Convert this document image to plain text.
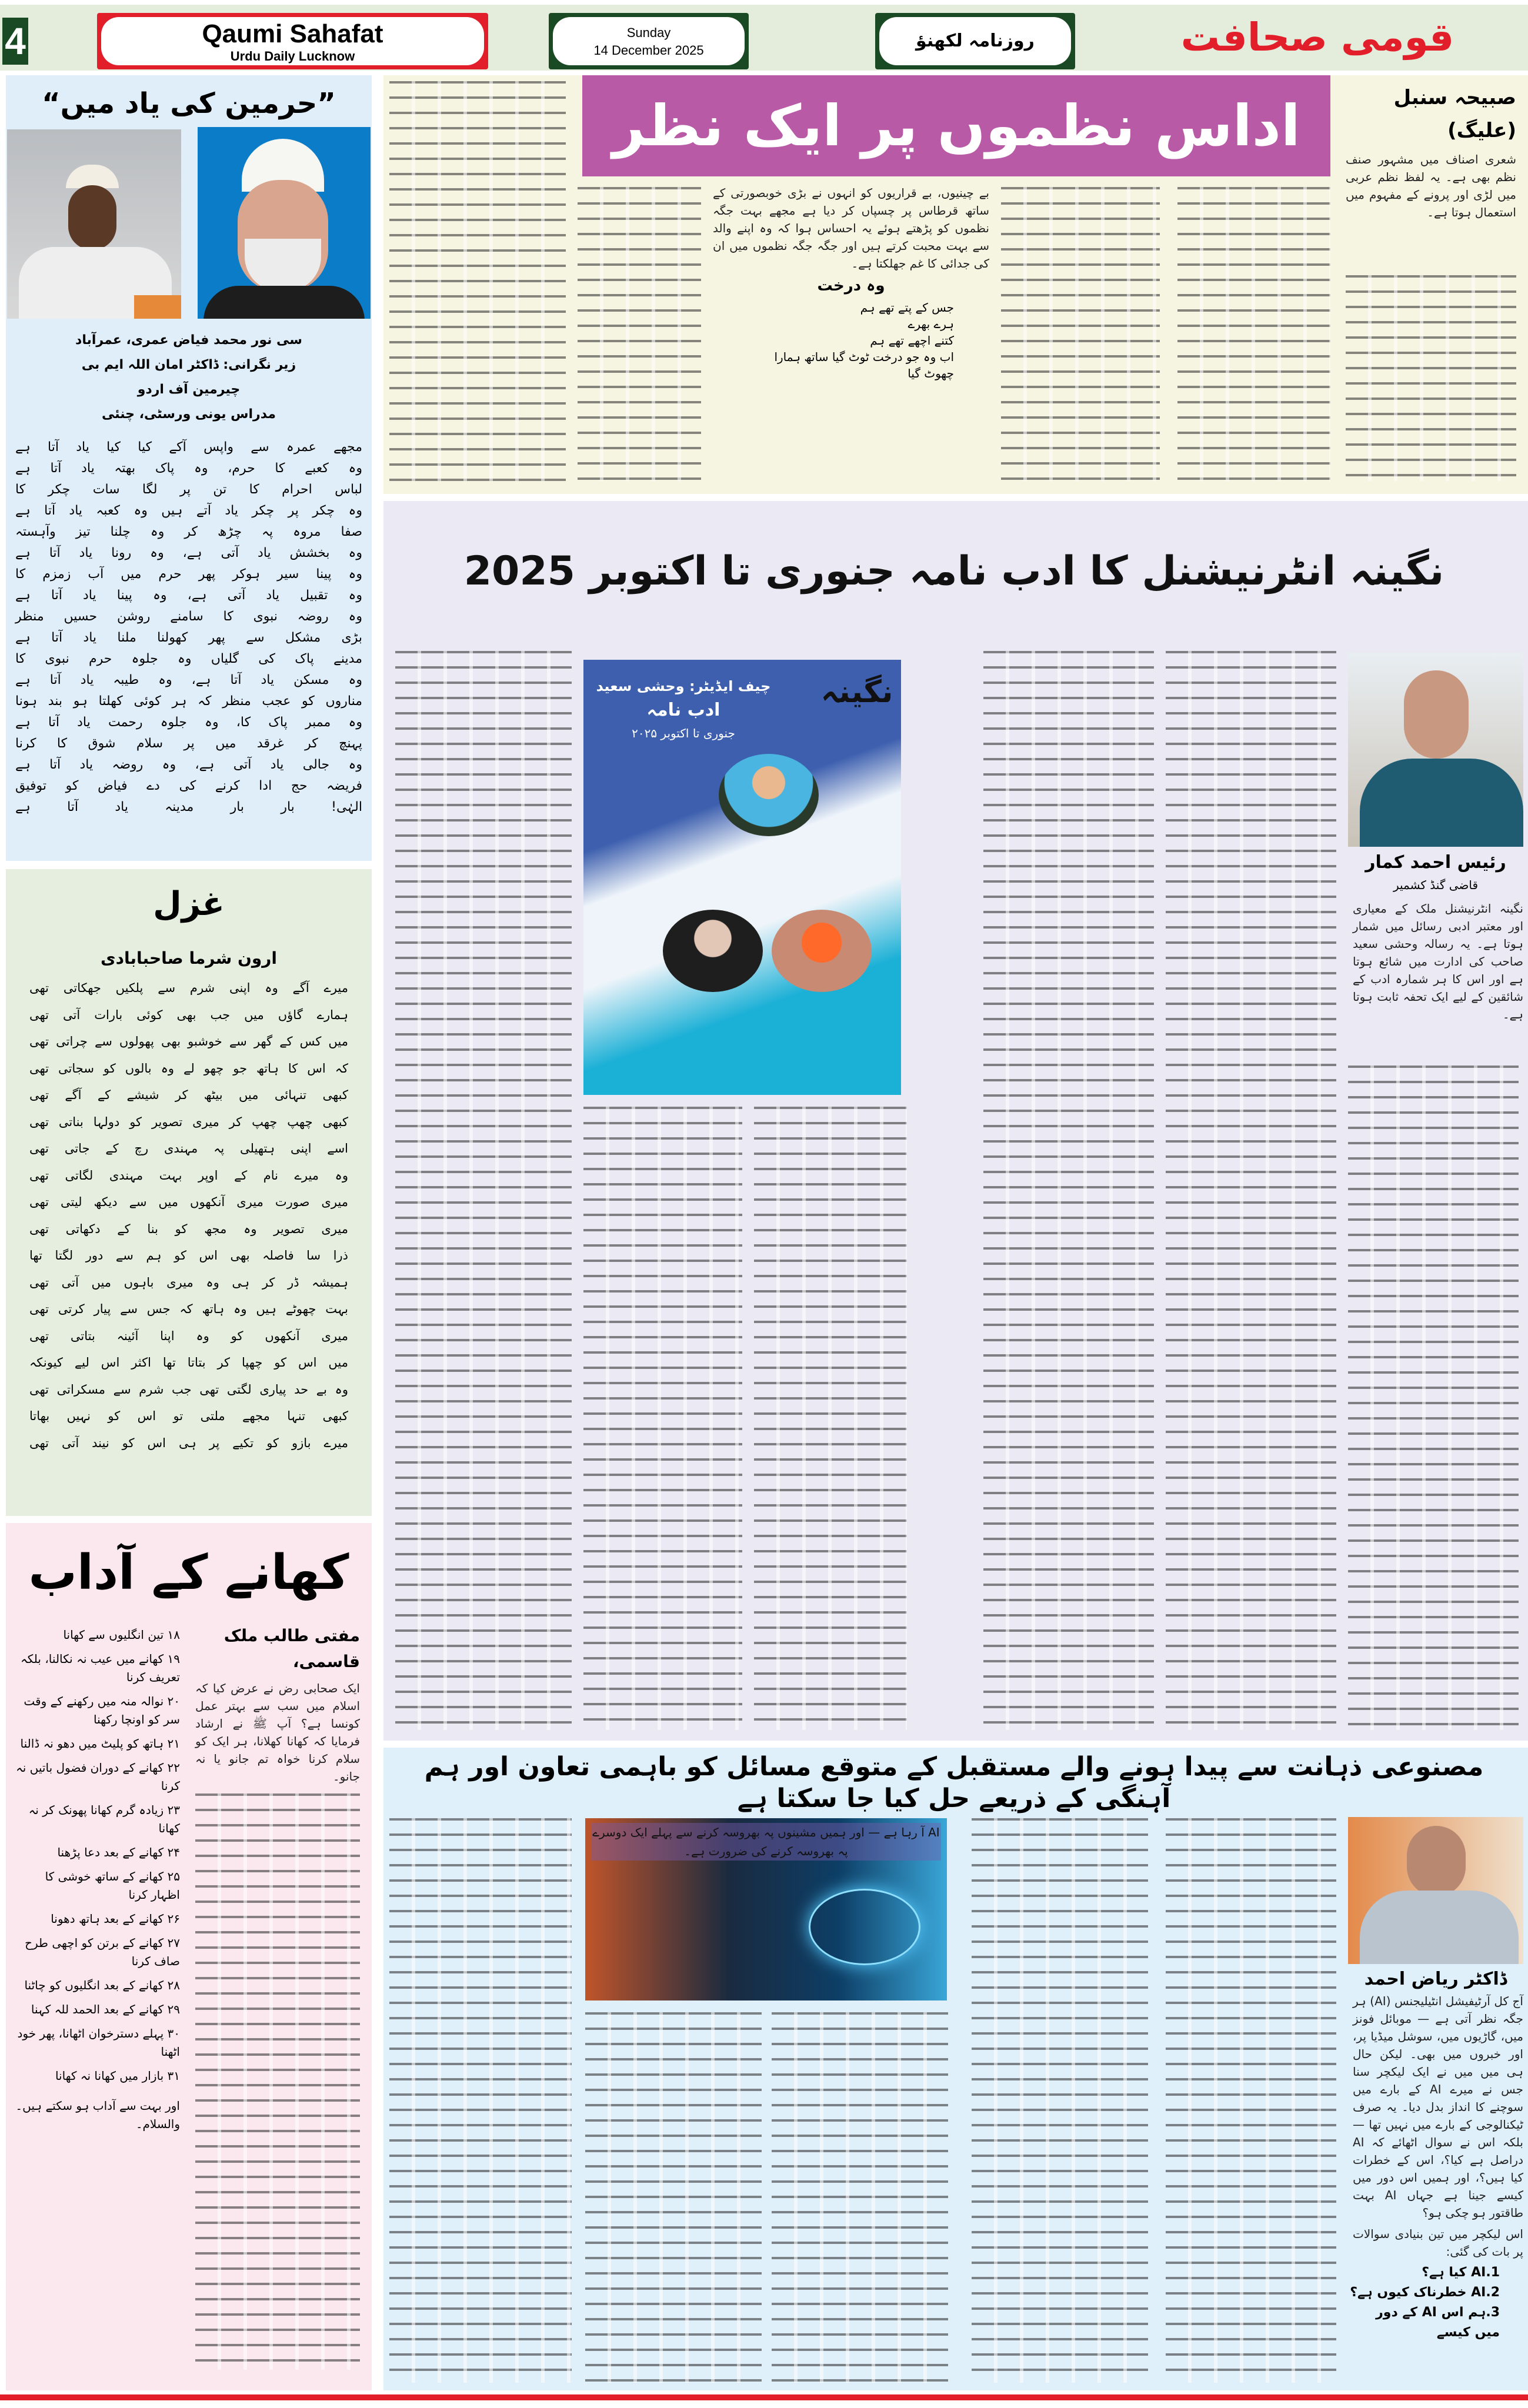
4	Qaumi Sahafat
Urdu Daily Lucknow
Sunday
14 December 2025	روزنامہ لکھنؤ	قومی صحافت
”حرمین کی یاد میں“
سی نور محمد فیاض عمری، عمرآباد
زیر نگرانی: ڈاکٹر امان اللہ ایم بی
چیرمین آف اردو
مدراس یونی ورسٹی، چنئی
مجھے عمرہ سے واپس آکے کیا کیا یاد آتا ہے
وہ کعبے کا حرم، وہ پاک بھتہ یاد آتا ہے
لباس احرام کا تن پر لگا سات چکر کا
وہ چکر پر چکر یاد آتے ہیں وہ کعبہ یاد آتا ہے
صفا مروہ پہ چڑھ کر وہ چلنا تیز وآہستہ
وہ بخشش یاد آتی ہے، وہ رونا یاد آتا ہے
وہ پینا سیر ہوکر پھر حرم میں آب زمزم کا
وہ تقبیل یاد آتی ہے، وہ پینا یاد آتا ہے
وہ روضہ نبوی کا سامنے روشن حسیں منظر
بڑی مشکل سے پھر کھولنا ملنا یاد آتا ہے
مدینے پاک کی گلیاں وہ جلوہ حرم نبوی کا
وہ مسکن یاد آتا ہے، وہ طیبہ یاد آتا ہے
مناروں کو عجب منظر کہ ہر کوئی کھلتا ہو بند ہونا
وہ ممبر پاک کا، وہ جلوہ رحمت یاد آتا ہے
پہنچ کر غرقد میں پر سلام شوق کا کرنا
وہ جالی یاد آتی ہے، وہ روضہ یاد آتا ہے
فریضہ حج ادا کرنے کی دے فیاض کو توفیق
الہٰی! بار بار مدینہ یاد آتا ہے
غزل
ارون شرما صاحبابادی
میرے آگے وہ اپنی شرم سے پلکیں جھکاتی تھی
ہمارے گاؤں میں جب بھی کوئی بارات آتی تھی
میں کس کے گھر سے خوشبو بھی پھولوں سے چراتی تھی
کہ اس کا ہاتھ جو چھو لے وہ بالوں کو سجاتی تھی
کبھی تنہائی میں بیٹھ کر شیشے کے آگے تھی
کبھی چھپ چھپ کر میری تصویر کو دولہا بناتی تھی
اسے اپنی ہتھیلی پہ مہندی رچ کے جاتی تھی
وہ میرے نام کے اوپر بہت مہندی لگاتی تھی
میری صورت میری آنکھوں میں سے دیکھ لیتی تھی
میری تصویر وہ مجھ کو بنا کے دکھاتی تھی
ذرا سا فاصلہ بھی اس کو ہم سے دور لگتا تھا
ہمیشہ ڈر کر ہی وہ میری باہوں میں آتی تھی
بہت چھوٹے ہیں وہ ہاتھ کہ جس سے پیار کرتی تھی
میری آنکھوں کو وہ اپنا آئینہ بتاتی تھی
میں اس کو چھپا کر بتاتا تھا اکثر اس لیے کیونکہ
وہ بے حد پیاری لگتی تھی جب شرم سے مسکراتی تھی
کبھی تنہا مجھے ملتی تو اس کو نہیں بھاتا
میرے بازو کو تکیے پر ہی اس کو نیند آتی تھی
کھانے کے آداب
مفتی طالب ملک قاسمی،
ایک صحابی رض نے عرض کیا کہ اسلام میں سب سے بہتر عمل کونسا ہے؟ آپ ﷺ نے ارشاد فرمایا کہ کھانا کھلانا، ہر ایک کو سلام کرنا خواہ تم جانو یا نہ جانو۔
۱۸ تین انگلیوں سے کھانا
۱۹ کھانے میں عیب نہ نکالنا، بلکہ تعریف کرنا
۲۰ نوالہ منہ میں رکھنے کے وقت سر کو اونچا رکھنا
۲۱ ہاتھ کو پلیٹ میں دھو نہ ڈالنا
۲۲ کھانے کے دوران فضول باتیں نہ کرنا
۲۳ زیادہ گرم کھانا پھونک کر نہ کھانا
۲۴ کھانے کے بعد دعا پڑھنا
۲۵ کھانے کے ساتھ خوشی کا اظہار کرنا
۲۶ کھانے کے بعد ہاتھ دھونا
۲۷ کھانے کے برتن کو اچھی طرح صاف کرنا
۲۸ کھانے کے بعد انگلیوں کو چاٹنا
۲۹ کھانے کے بعد الحمد للہ کہنا
۳۰ پہلے دسترخوان اٹھانا، پھر خود اٹھنا
۳۱ بازار میں کھانا نہ کھانا
اور بہت سے آداب ہو سکتے ہیں۔ والسلام۔
اداس نظموں پر ایک نظر	صبیحہ سنبل (علیگ)
شعری اصناف میں مشہور صنف نظم بھی ہے۔ یہ لفظ نظم عربی میں لڑی اور پرونے کے مفہوم میں استعمال ہوتا ہے۔
بے چینیوں، بے قراریوں کو انہوں نے بڑی خوبصورتی کے ساتھ قرطاس پر چسپاں کر دیا ہے مجھے بہت جگہ نظموں کو پڑھتے ہوئے یہ احساس ہوا کہ وہ اپنے والد سے بہت محبت کرتے ہیں اور جگہ جگہ نظموں میں ان کی جدائی کا غم جھلکتا ہے۔
وہ درخت
جس کے پتے تھے ہم
ہرے بھرے
کتنے اچھے تھے ہم
اب وہ جو درخت ٹوٹ گیا ساتھ ہمارا
چھوٹ گیا
نگینہ انٹرنیشنل کا ادب نامہ جنوری تا اکتوبر 2025
رئیس احمد کمار
قاضی گنڈ کشمیر
نگینہ انٹرنیشنل ملک کے معیاری اور معتبر ادبی رسائل میں شمار ہوتا ہے۔ یہ رسالہ وحشی سعید صاحب کی ادارت میں شائع ہوتا ہے اور اس کا ہر شمارہ ادب کے شائقین کے لیے ایک تحفہ ثابت ہوتا ہے۔
چیف ایڈیٹر: وحشی سعید
ادب نامہ
جنوری تا اکتوبر ۲۰۲۵
نگینہ
مصنوعی ذہانت سے پیدا ہونے والے مستقبل کے متوقع مسائل کو باہمی تعاون اور ہم آہنگی کے ذریعے حل کیا جا سکتا ہے
AI آ رہا ہے — اور ہمیں مشینوں پہ بھروسہ کرنے سے پہلے ایک دوسرے پہ بھروسہ کرنے کی ضرورت ہے۔
ڈاکٹر ریاض احمد
آج کل آرٹیفیشل انٹیلیجنس (AI) ہر جگہ نظر آتی ہے — موبائل فونز میں، گاڑیوں میں، سوشل میڈیا پر، اور خبروں میں بھی۔ لیکن حال ہی میں میں نے ایک لیکچر سنا جس نے میرے AI کے بارے میں سوچنے کا انداز بدل دیا۔ یہ صرف ٹیکنالوجی کے بارے میں نہیں تھا — بلکہ اس نے سوال اٹھائے کہ AI دراصل ہے کیا؟، اس کے خطرات کیا ہیں؟، اور ہمیں اس دور میں کیسے جینا ہے جہاں AI بہت طاقتور ہو چکی ہو؟
اس لیکچر میں تین بنیادی سوالات پر بات کی گئی:
1.AI کیا ہے؟
2.AI خطرناک کیوں ہے؟
3.ہم اس AI کے دور میں کیسے
